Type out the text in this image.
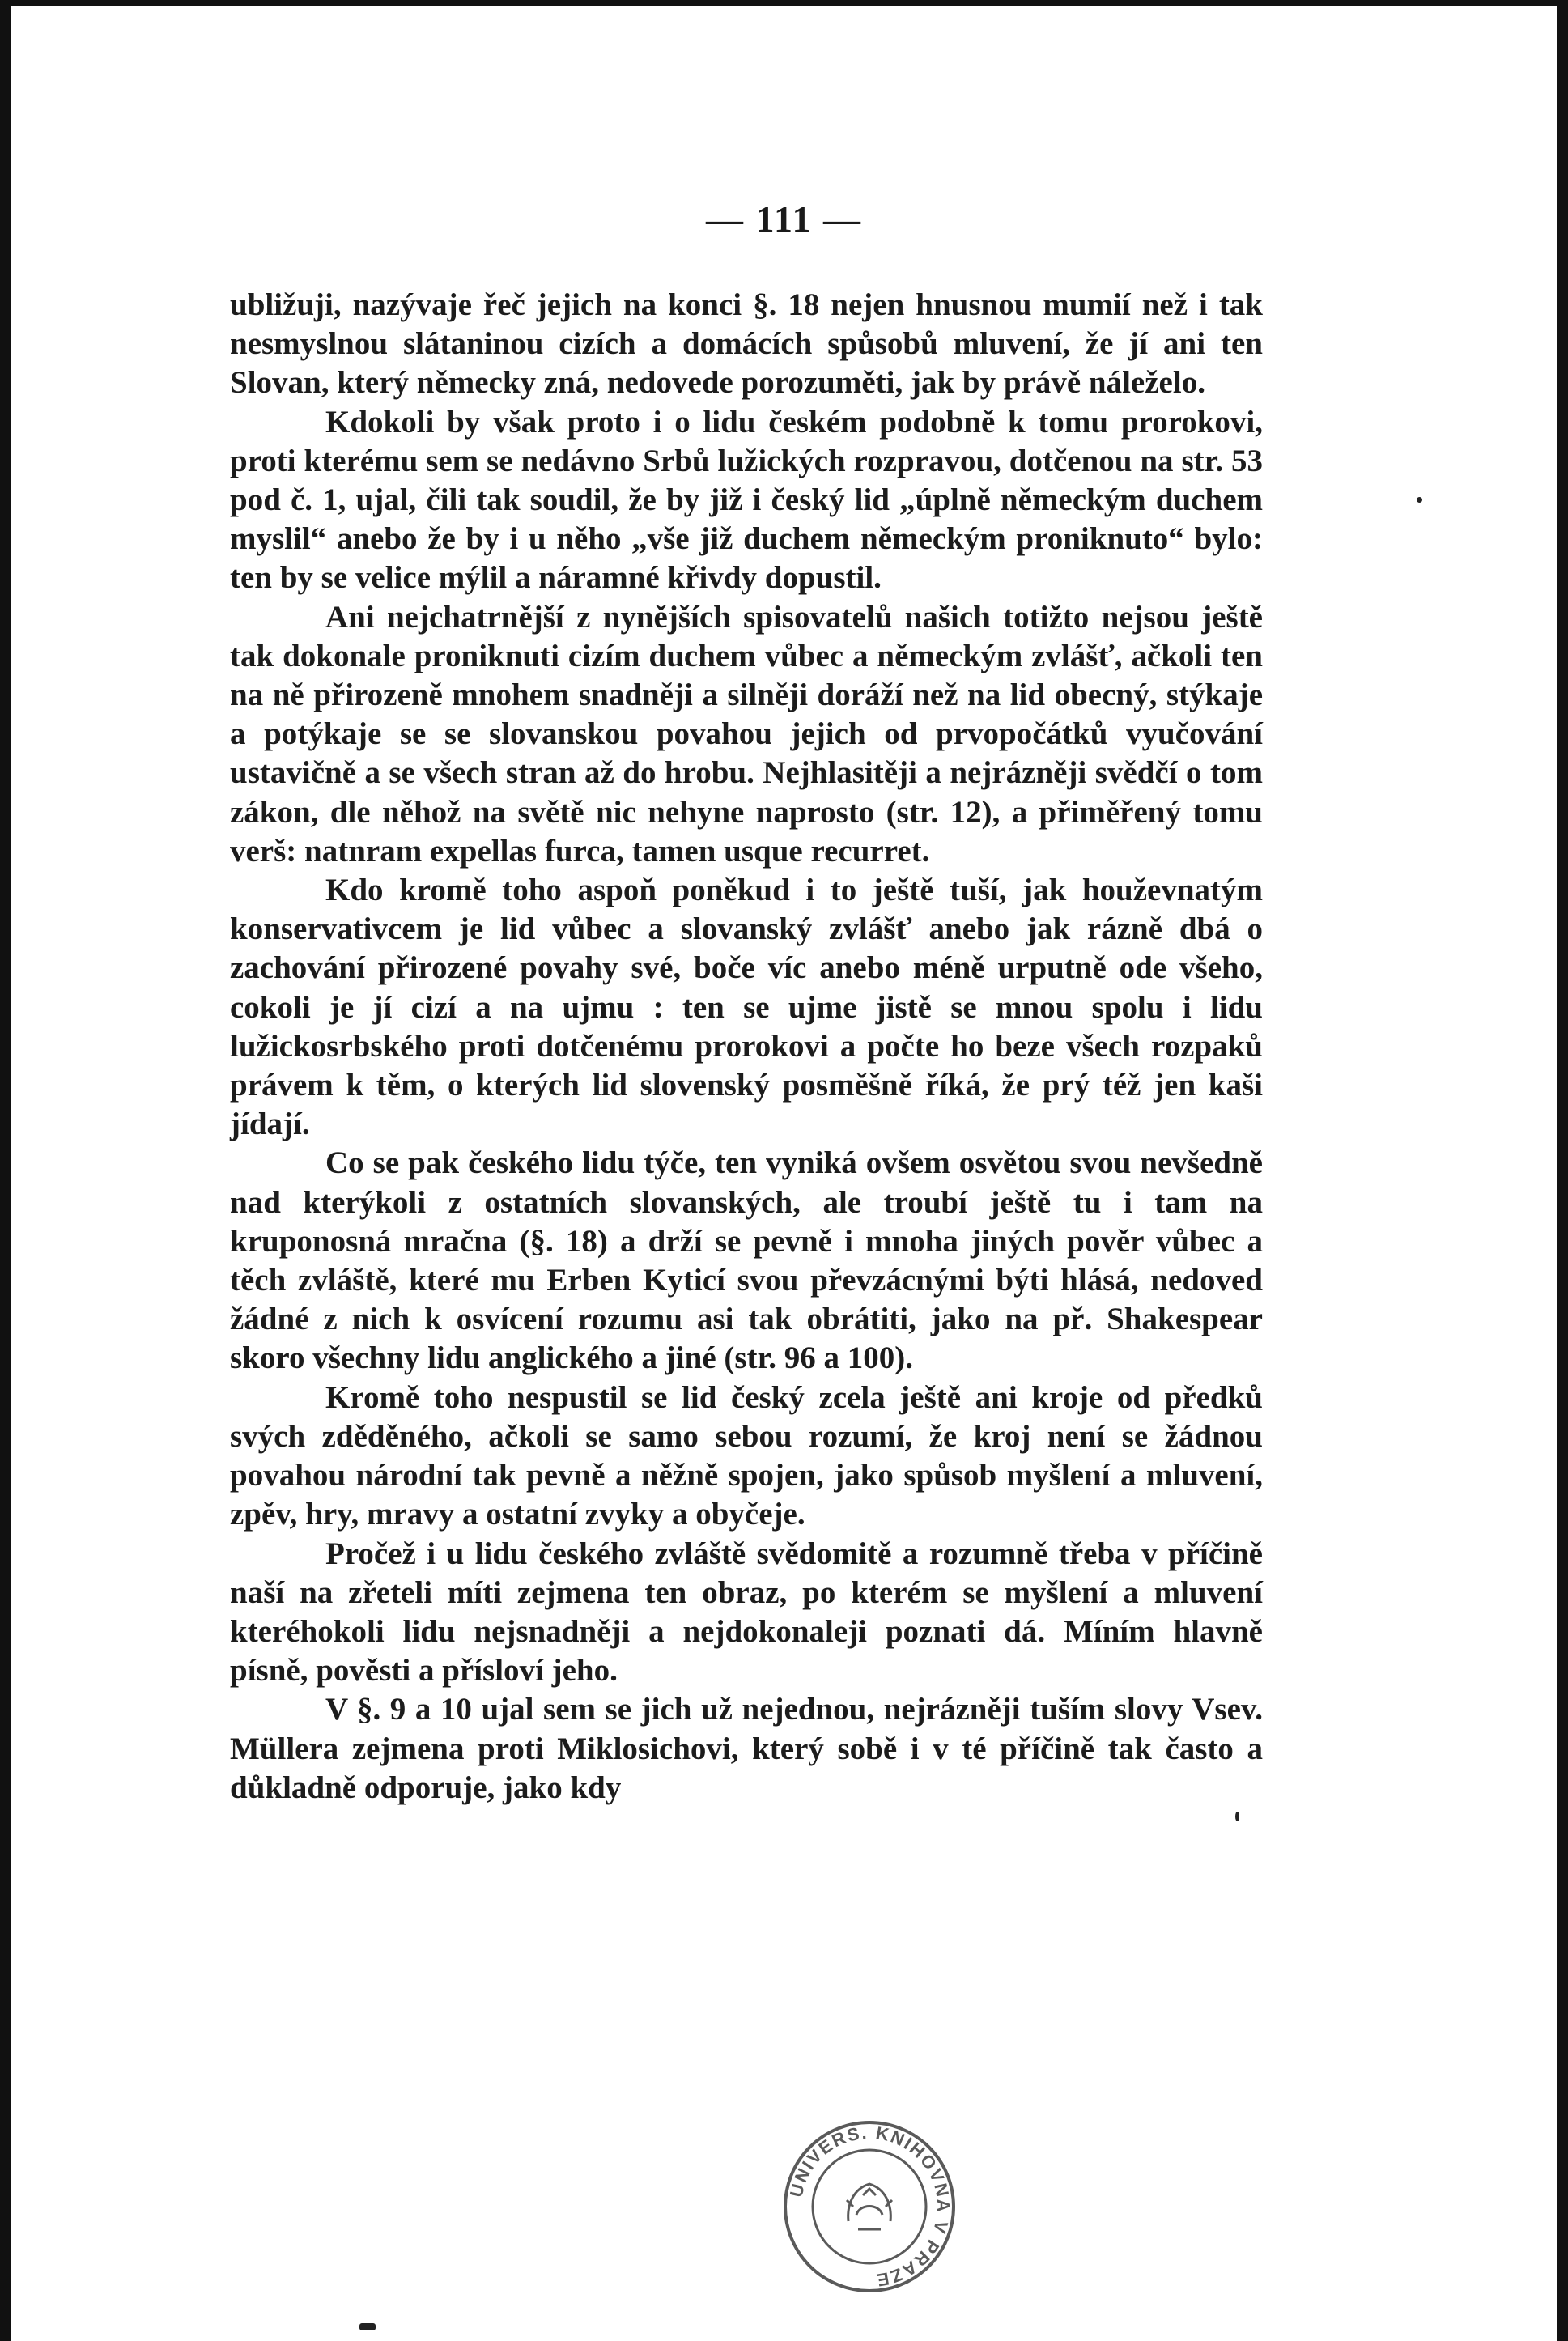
— 111 —

ubližuji, nazývaje řeč jejich na konci §. 18 nejen hnusnou mumií než i tak nesmyslnou slátaninou cizích a domácích spůsobů mluvení, že jí ani ten Slovan, který německy zná, nedovede porozuměti, jak by právě náleželo.

Kdokoli by však proto i o lidu českém podobně k tomu prorokovi, proti kterému sem se nedávno Srbů lužických rozpravou, dotčenou na str. 53 pod č. 1, ujal, čili tak soudil, že by již i český lid „úplně německým duchem myslil“ anebo že by i u něho „vše již duchem německým proniknuto“ bylo: ten by se velice mýlil a náramné křivdy dopustil.

Ani nejchatrnější z nynějších spisovatelů našich totižto nejsou ještě tak dokonale proniknuti cizím duchem vůbec a německým zvlášť, ačkoli ten na ně přirozeně mnohem snadněji a silněji doráží než na lid obecný, stýkaje a potýkaje se se slovanskou povahou jejich od prvopočátků vyučování ustavičně a se všech stran až do hrobu. Nejhlasitěji a nejrázněji svědčí o tom zákon, dle něhož na světě nic nehyne naprosto (str. 12), a přiměřený tomu verš: natnram expellas furca, tamen usque recurret.

Kdo kromě toho aspoň poněkud i to ještě tuší, jak houževnatým konservativcem je lid vůbec a slovanský zvlášť anebo jak rázně dbá o zachování přirozené povahy své, boče víc anebo méně urputně ode všeho, cokoli je jí cizí a na ujmu : ten se ujme jistě se mnou spolu i lidu lužickosrbského proti dotčenému prorokovi a počte ho beze všech rozpaků právem k těm, o kterých lid slovenský posměšně říká, že prý též jen kaši jídají.

Co se pak českého lidu týče, ten vyniká ovšem osvětou svou nevšedně nad kterýkoli z ostatních slovanských, ale troubí ještě tu i tam na kruponosná mračna (§. 18) a drží se pevně i mnoha jiných pověr vůbec a těch zvláště, které mu Erben Kyticí svou převzácnými býti hlásá, nedoved žádné z nich k osvícení rozumu asi tak obrátiti, jako na př. Shakespear skoro všechny lidu anglického a jiné (str. 96 a 100).

Kromě toho nespustil se lid český zcela ještě ani kroje od předků svých zděděného, ačkoli se samo sebou rozumí, že kroj není se žádnou povahou národní tak pevně a něžně spojen, jako spůsob myšlení a mluvení, zpěv, hry, mravy a ostatní zvyky a obyčeje.

Pročež i u lidu českého zvláště svědomitě a rozumně třeba v příčině naší na zřeteli míti zejmena ten obraz, po kterém se myšlení a mluvení kteréhokoli lidu nejsnadněji a nejdokonaleji poznati dá. Míním hlavně písně, pověsti a přísloví jeho.

V §. 9 a 10 ujal sem se jich už nejednou, nejrázněji tuším slovy Vsev. Müllera zejmena proti Miklosichovi, který sobě i v té příčině tak často a důkladně odporuje, jako kdy

UNIVERS. KNIHOVNA V PRAZE
